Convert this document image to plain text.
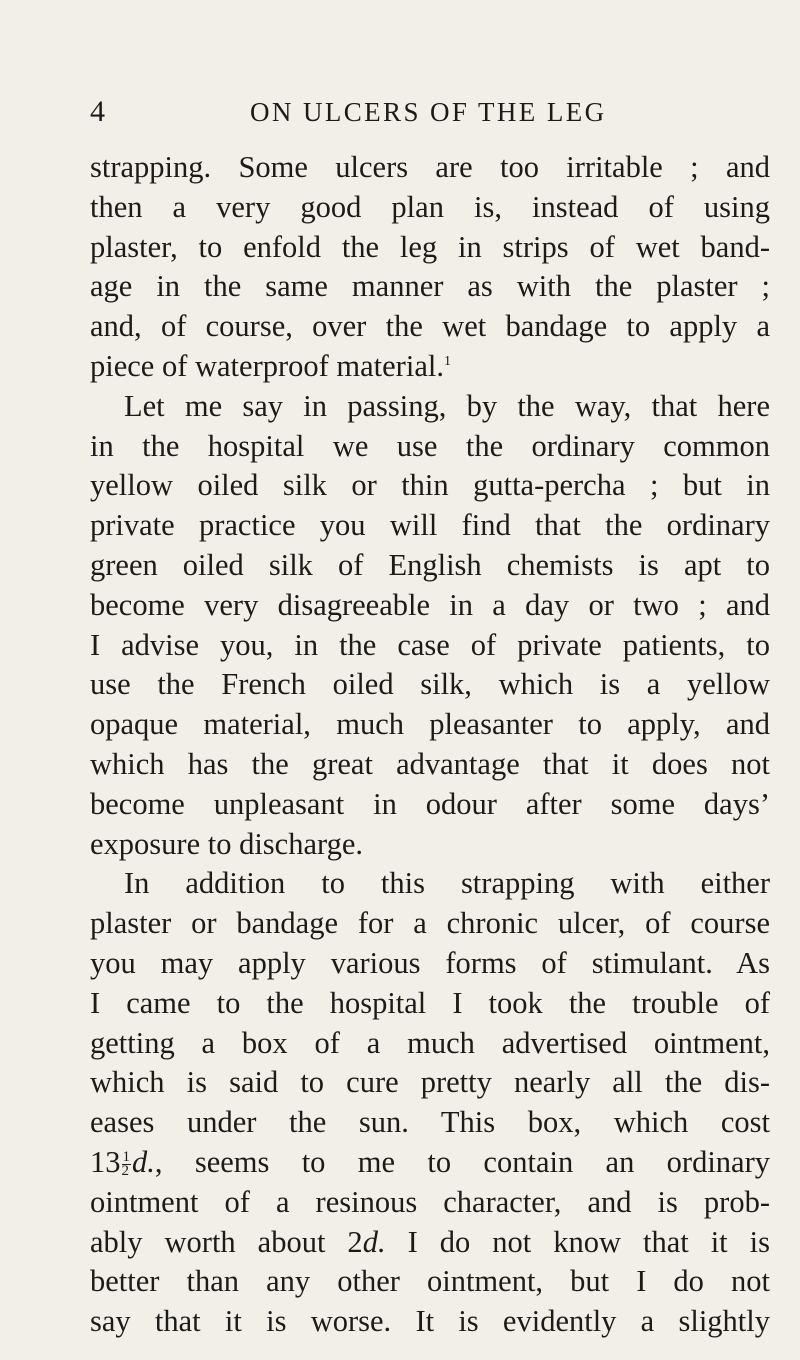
4	ON ULCERS OF THE LEG
strapping. Some ulcers are too irritable ; and
then a very good plan is, instead of using
plaster, to enfold the leg in strips of wet band-
age in the same manner as with the plaster ;
and, of course, over the wet bandage to apply a
piece of waterproof material.$^1$
Let me say in passing, by the way, that here
in the hospital we use the ordinary common
yellow oiled silk or thin gutta-percha ; but in
private practice you will find that the ordinary
green oiled silk of English chemists is apt to
become very disagreeable in a day or two ; and
I advise you, in the case of private patients, to
use the French oiled silk, which is a yellow
opaque material, much pleasanter to apply, and
which has the great advantage that it does not
become unpleasant in odour after some days’
exposure to discharge.
In addition to this strapping with either
plaster or bandage for a chronic ulcer, of course
you may apply various forms of stimulant. As
I came to the hospital I took the trouble of
getting a box of a much advertised ointment,
which is said to cure pretty nearly all the dis-
eases under the sun. This box, which cost
$13 \frac{1}{2} d$., seems to me to contain an ordinary
ointment of a resinous character, and is prob-
ably worth about 2d. I do not know that it is
better than any other ointment, but I do not
say that it is worse. It is evidently a slightly
